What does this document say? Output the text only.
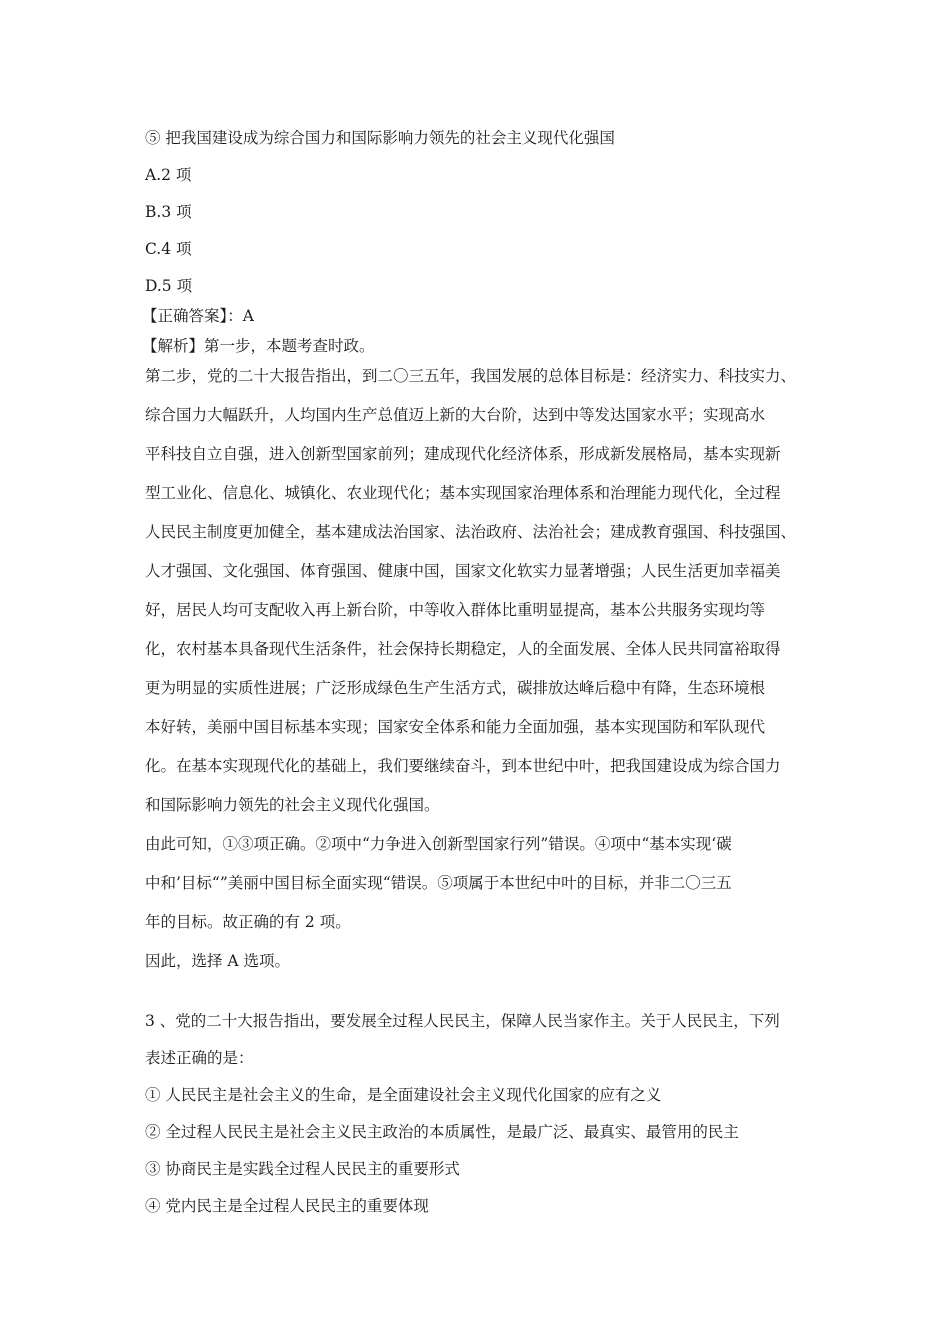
⑤ 把我国建设成为综合国力和国际影响力领先的社会主义现代化强国
A.2 项
B.3 项
C.4 项
D.5 项
【正确答案】：A
【解析】第一步，本题考查时政。
第二步，党的二十大报告指出，到二〇三五年，我国发展的总体目标是：经济实力、科技实力、
综合国力大幅跃升，人均国内生产总值迈上新的大台阶，达到中等发达国家水平；实现高水
平科技自立自强，进入创新型国家前列；建成现代化经济体系，形成新发展格局，基本实现新
型工业化、信息化、城镇化、农业现代化；基本实现国家治理体系和治理能力现代化，全过程
人民民主制度更加健全，基本建成法治国家、法治政府、法治社会；建成教育强国、科技强国、
人才强国、文化强国、体育强国、健康中国，国家文化软实力显著增强；人民生活更加幸福美
好，居民人均可支配收入再上新台阶，中等收入群体比重明显提高，基本公共服务实现均等
化，农村基本具备现代生活条件，社会保持长期稳定，人的全面发展、全体人民共同富裕取得
更为明显的实质性进展；广泛形成绿色生产生活方式，碳排放达峰后稳中有降，生态环境根
本好转，美丽中国目标基本实现；国家安全体系和能力全面加强，基本实现国防和军队现代
化。在基本实现现代化的基础上，我们要继续奋斗，到本世纪中叶，把我国建设成为综合国力
和国际影响力领先的社会主义现代化强国。
由此可知，①③项正确。②项中“力争进入创新型国家行列”错误。④项中“基本实现‘碳
中和’目标“”美丽中国目标全面实现“错误。⑤项属于本世纪中叶的目标，并非二〇三五
年的目标。故正确的有 2 项。
因此，选择 A 选项。
3 、党的二十大报告指出，要发展全过程人民民主，保障人民当家作主。关于人民民主，下列
表述正确的是：
① 人民民主是社会主义的生命，是全面建设社会主义现代化国家的应有之义
② 全过程人民民主是社会主义民主政治的本质属性，是最广泛、最真实、最管用的民主
③ 协商民主是实践全过程人民民主的重要形式
④ 党内民主是全过程人民民主的重要体现
